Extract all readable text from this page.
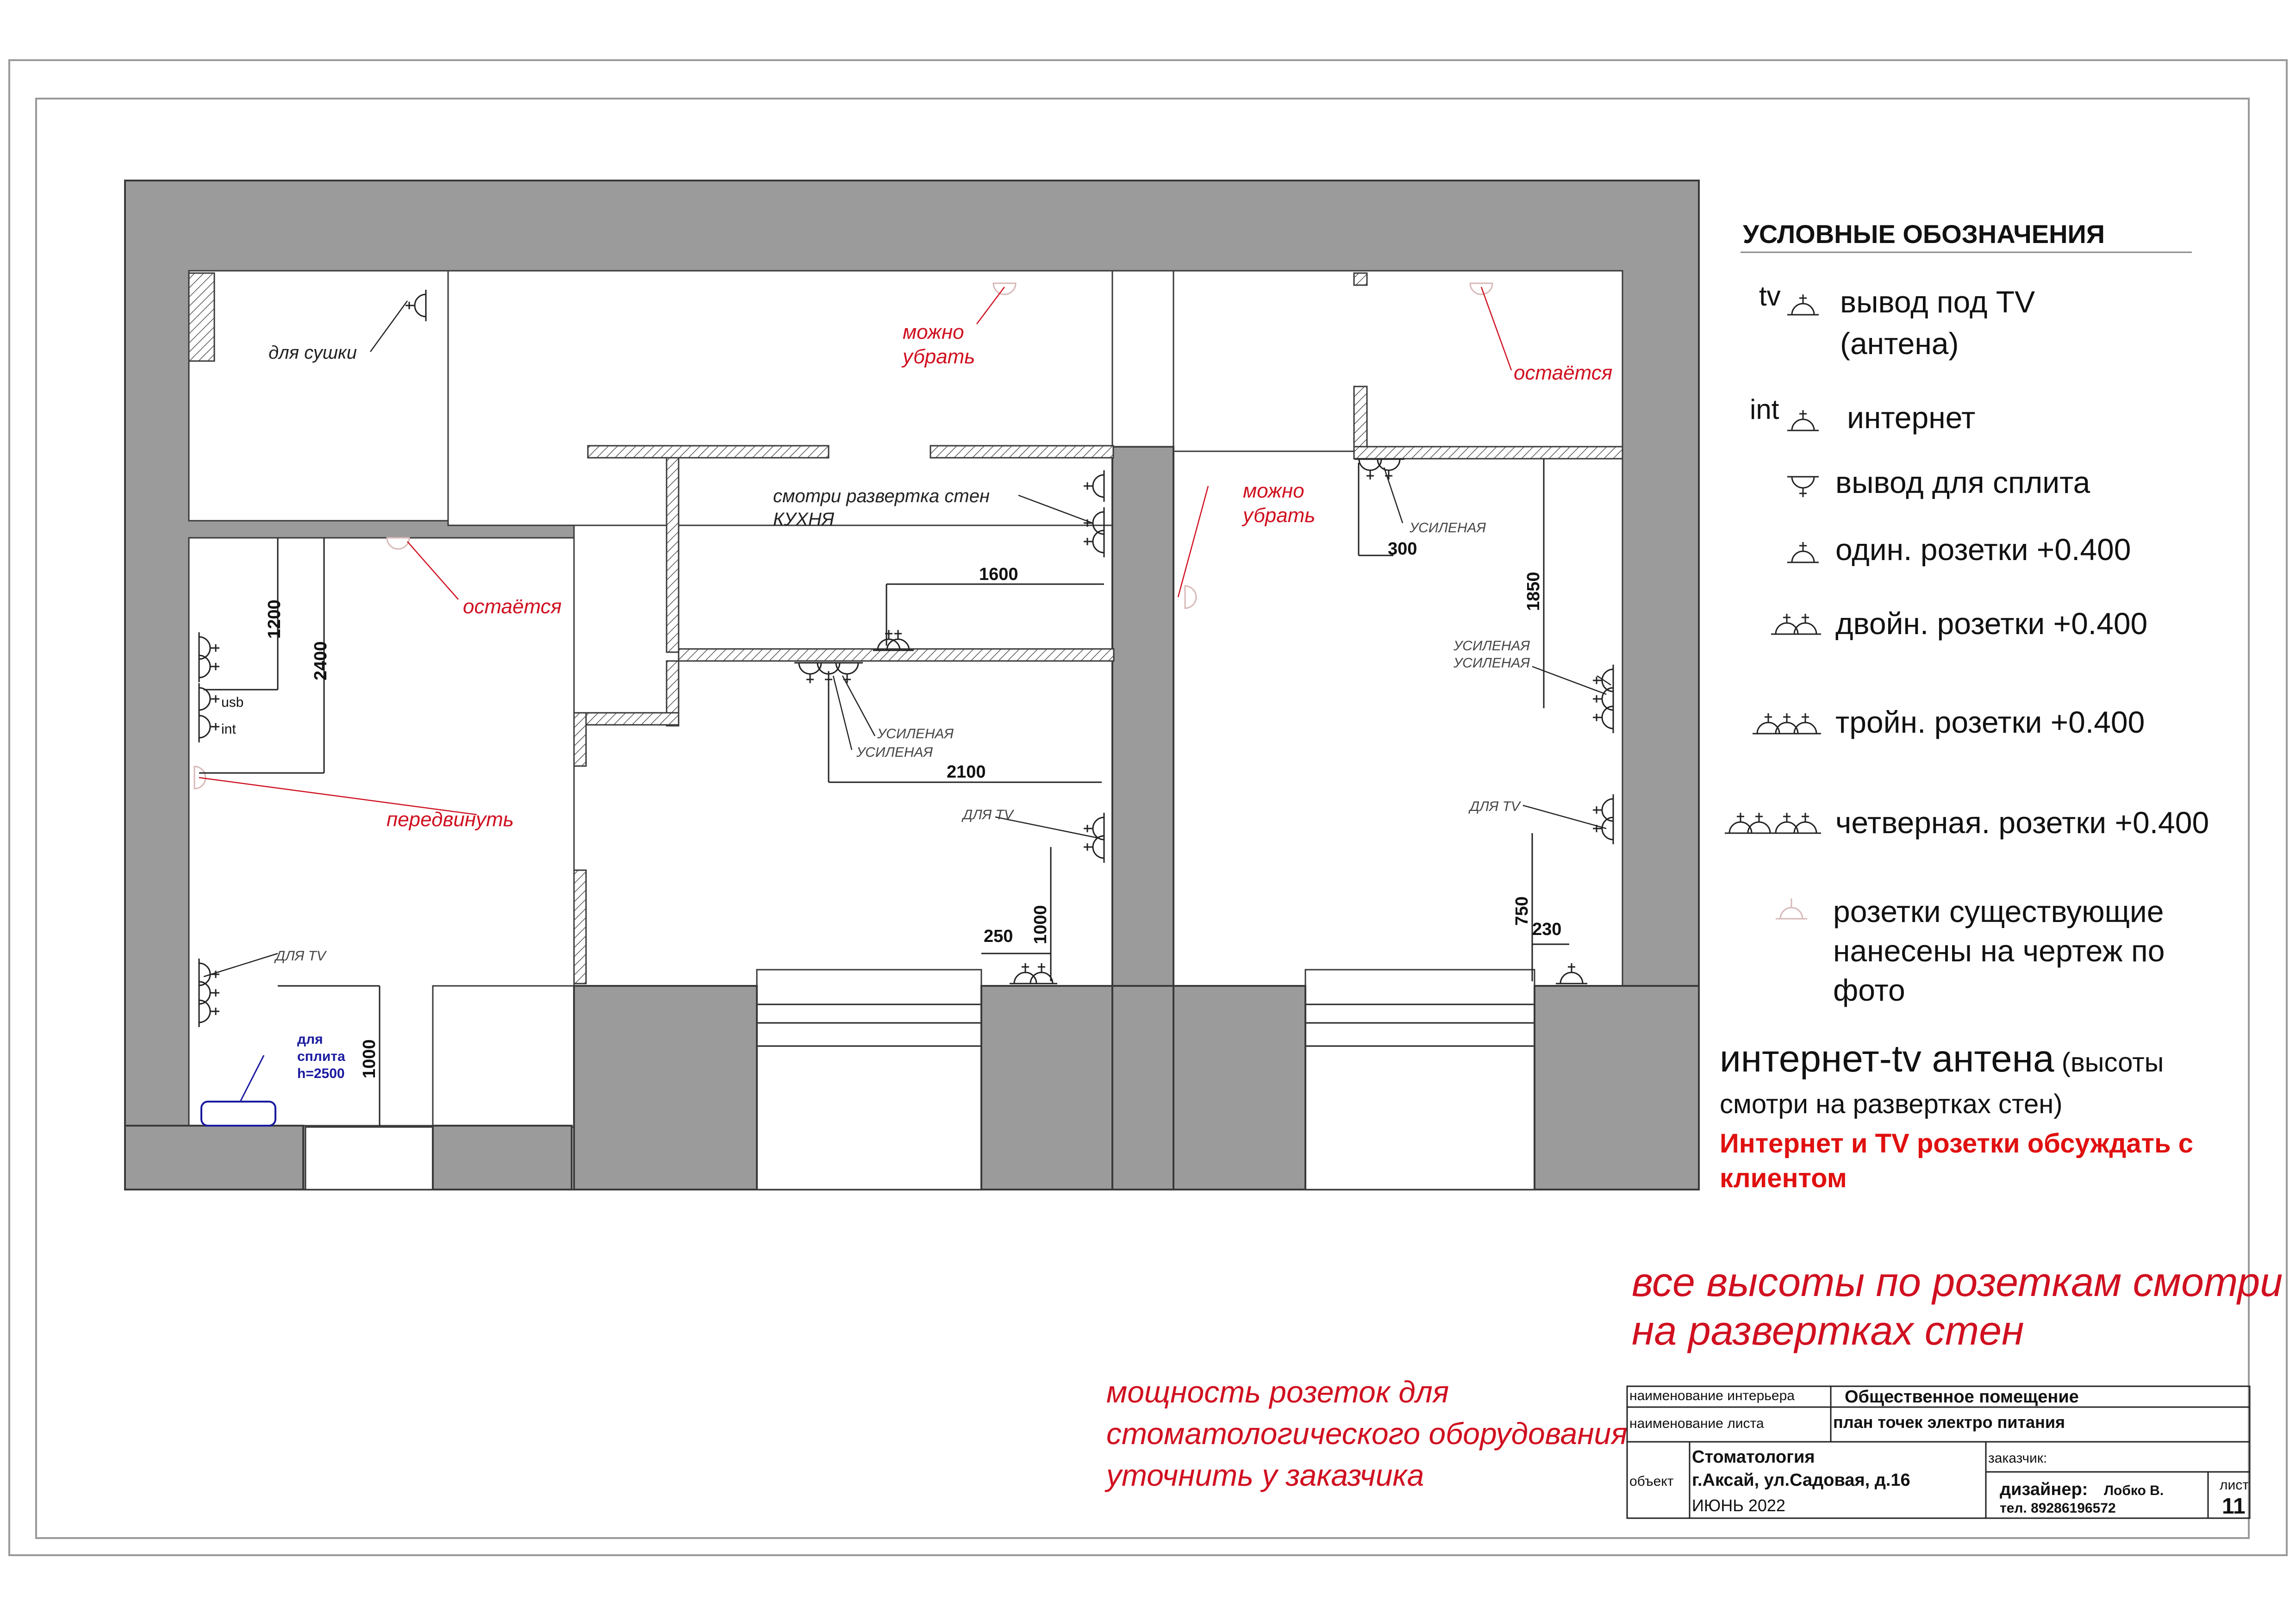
для сушки
можно
убрать
остаётся
остаётся
можно
убрать
передвинуть
смотри развертка стен
КУХНЯ	УСИЛЕНАЯ
УСИЛЕНАЯ
УСИЛЕНАЯ
УСИЛЕНАЯ
УСИЛЕНАЯ
ДЛЯ TV
ДЛЯ TV
ДЛЯ TV
usb
int
для
сплита
h=2500
1200
2400
1600
2100
1000
250
1000
300
1850
750
230
УСЛОВНЫЕ ОБОЗНАЧЕНИЯ
tv вывод под TV
(антена)
int интернет
вывод для сплита
один. розетки +0.400
двойн. розетки +0.400
тройн. розетки +0.400
четверная. розетки +0.400
розетки существующие
нанесены на чертеж по
фото
интернет-tv антена (высоты
смотри на развертках стен)
Интернет и TV розетки обсуждать с
клиентом
все высоты по розеткам смотри
на развертках стен
мощность розеток для
стоматологического оборудования
уточнить у заказчика
наименование интерьера	Общественное помещение
наименование листа	план точек электро питания
объект
Стоматология
г.Аксай, ул.Садовая, д.16
ИЮНЬ 2022
заказчик:
дизайнер: Лобко В.
тел. 89286196572
лист
11
